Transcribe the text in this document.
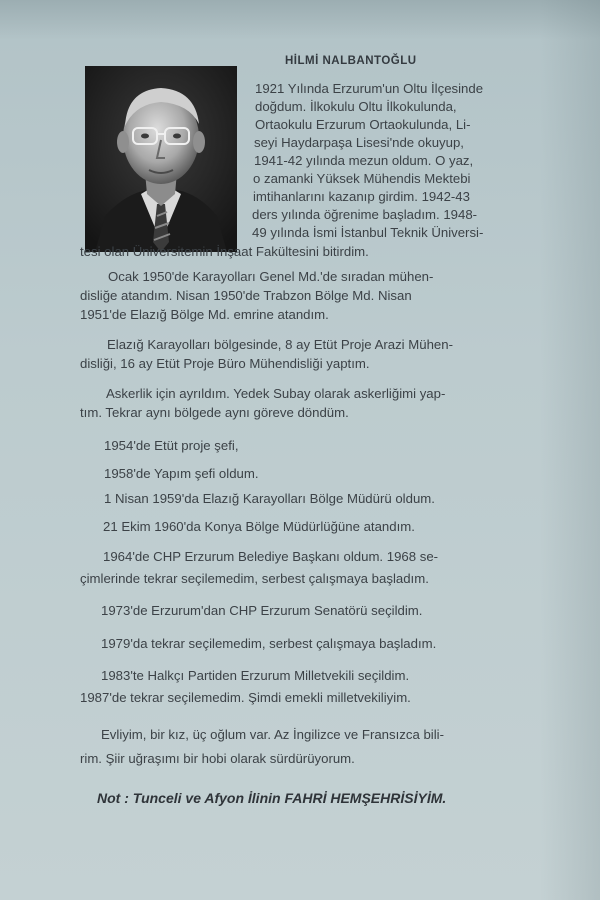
HİLMİ NALBANTOĞLU
1921 Yılında Erzurum'un Oltu İlçesinde
doğdum. İlkokulu Oltu İlkokulunda,
Ortaokulu Erzurum Ortaokulunda, Li-
seyi Haydarpaşa Lisesi'nde okuyup,
1941-42 yılında mezun oldum. O yaz,
o zamanki Yüksek Mühendis Mektebi
imtihanlarını kazanıp girdim. 1942-43
ders yılında öğrenime başladım. 1948-
49 yılında İsmi İstanbul Teknik Üniversi-
tesi olan Üniversitemin İnşaat Fakültesini bitirdim.
Ocak 1950'de Karayolları Genel Md.'de sıradan mühen-
disliğe atandım. Nisan 1950'de Trabzon Bölge Md. Nisan
1951'de Elazığ Bölge Md. emrine atandım.
Elazığ Karayolları bölgesinde, 8 ay Etüt Proje Arazi Mühen-
disliği, 16 ay Etüt Proje Büro Mühendisliği yaptım.
Askerlik için ayrıldım. Yedek Subay olarak askerliğimi yap-
tım. Tekrar aynı bölgede aynı göreve döndüm.
1954'de Etüt proje şefi,
1958'de Yapım şefi oldum.
1 Nisan 1959'da Elazığ Karayolları Bölge Müdürü oldum.
21 Ekim 1960'da Konya Bölge Müdürlüğüne atandım.
1964'de CHP Erzurum Belediye Başkanı oldum. 1968 se-
çimlerinde tekrar seçilemedim, serbest çalışmaya başladım.
1973'de Erzurum'dan CHP Erzurum Senatörü seçildim.
1979'da tekrar seçilemedim, serbest çalışmaya başladım.
1983'te Halkçı Partiden Erzurum Milletvekili seçildim.
1987'de tekrar seçilemedim. Şimdi emekli milletvekiliyim.
Evliyim, bir kız, üç oğlum var. Az İngilizce ve Fransızca bili-
rim. Şiir uğraşımı bir hobi olarak sürdürüyorum.
Not : Tunceli ve Afyon İlinin FAHRİ HEMŞEHRİSİYİM.
